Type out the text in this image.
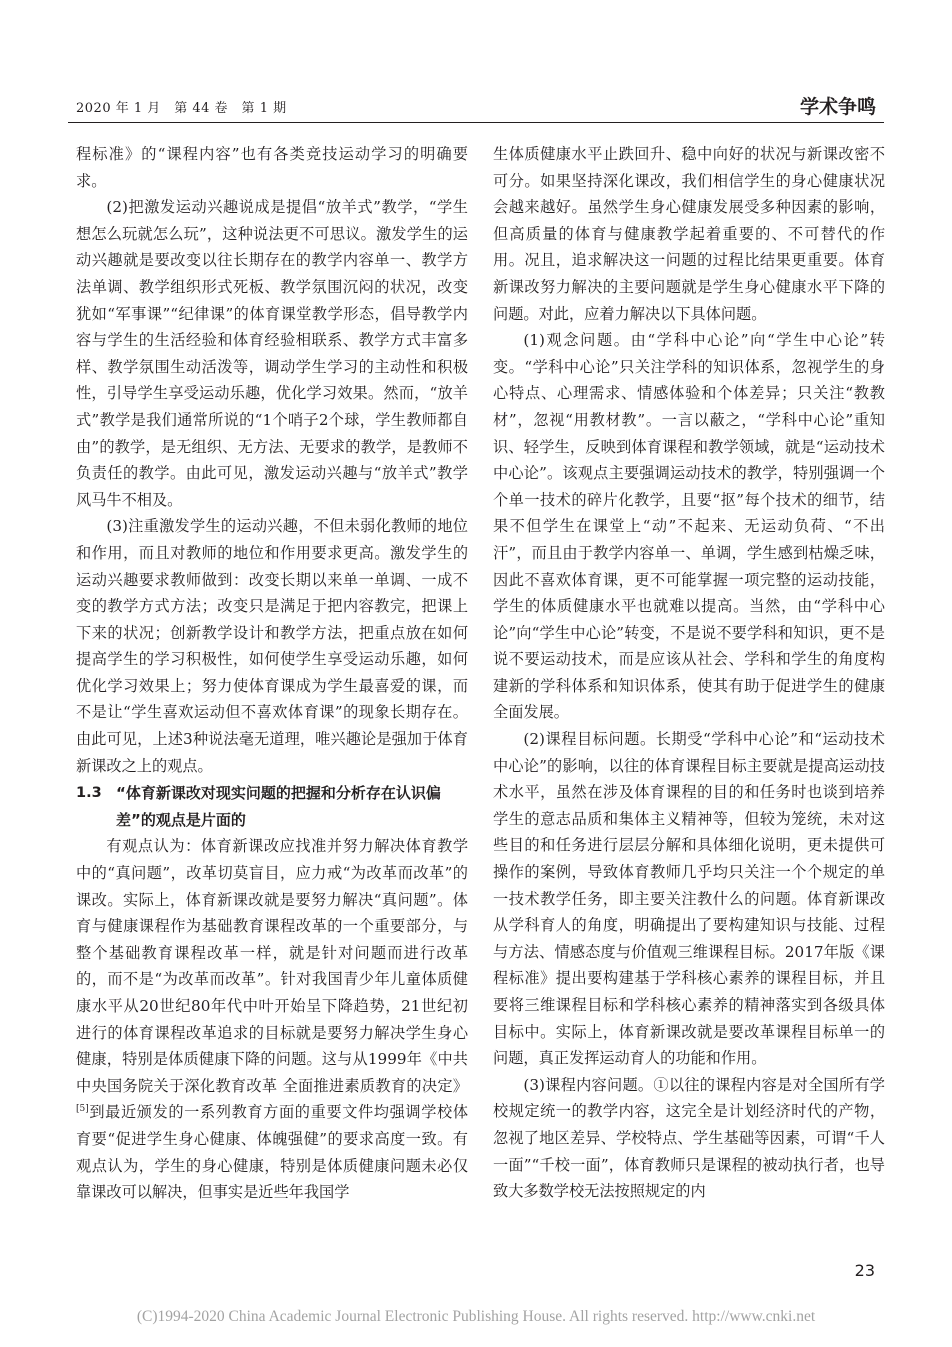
2020 年 1 月　第 44 卷　第 1 期	学术争鸣

程标准》的“课程内容”也有各类竞技运动学习的明确要求。

(2)把激发运动兴趣说成是提倡“放羊式”教学，“学生想怎么玩就怎么玩”，这种说法更不可思议。激发学生的运动兴趣就是要改变以往长期存在的教学内容单一、教学方法单调、教学组织形式死板、教学氛围沉闷的状况，改变犹如“军事课”“纪律课”的体育课堂教学形态，倡导教学内容与学生的生活经验和体育经验相联系、教学方式丰富多样、教学氛围生动活泼等，调动学生学习的主动性和积极性，引导学生享受运动乐趣，优化学习效果。然而，“放羊式”教学是我们通常所说的“1个哨子2个球，学生教师都自由”的教学，是无组织、无方法、无要求的教学，是教师不负责任的教学。由此可见，激发运动兴趣与“放羊式”教学风马牛不相及。

(3)注重激发学生的运动兴趣，不但未弱化教师的地位和作用，而且对教师的地位和作用要求更高。激发学生的运动兴趣要求教师做到：改变长期以来单一单调、一成不变的教学方式方法；改变只是满足于把内容教完，把课上下来的状况；创新教学设计和教学方法，把重点放在如何提高学生的学习积极性，如何使学生享受运动乐趣，如何优化学习效果上；努力使体育课成为学生最喜爱的课，而不是让“学生喜欢运动但不喜欢体育课”的现象长期存在。由此可见，上述3种说法毫无道理，唯兴趣论是强加于体育新课改之上的观点。

1.3 “体育新课改对现实问题的把握和分析存在认识偏差”的观点是片面的

有观点认为：体育新课改应找准并努力解决体育教学中的“真问题”，改革切莫盲目，应力戒“为改革而改革”的课改。实际上，体育新课改就是要努力解决“真问题”。体育与健康课程作为基础教育课程改革的一个重要部分，与整个基础教育课程改革一样，就是针对问题而进行改革的，而不是“为改革而改革”。针对我国青少年儿童体质健康水平从20世纪80年代中叶开始呈下降趋势，21世纪初进行的体育课程改革追求的目标就是要努力解决学生身心健康，特别是体质健康下降的问题。这与从1999年《中共中央国务院关于深化教育改革 全面推进素质教育的决定》[5]到最近颁发的一系列教育方面的重要文件均强调学校体育要“促进学生身心健康、体魄强健”的要求高度一致。有观点认为，学生的身心健康，特别是体质健康问题未必仅靠课改可以解决，但事实是近些年我国学

生体质健康水平止跌回升、稳中向好的状况与新课改密不可分。如果坚持深化课改，我们相信学生的身心健康状况会越来越好。虽然学生身心健康发展受多种因素的影响，但高质量的体育与健康教学起着重要的、不可替代的作用。况且，追求解决这一问题的过程比结果更重要。体育新课改努力解决的主要问题就是学生身心健康水平下降的问题。对此，应着力解决以下具体问题。

(1)观念问题。由“学科中心论”向“学生中心论”转变。“学科中心论”只关注学科的知识体系，忽视学生的身心特点、心理需求、情感体验和个体差异；只关注“教教材”，忽视“用教材教”。一言以蔽之，“学科中心论”重知识、轻学生，反映到体育课程和教学领域，就是“运动技术中心论”。该观点主要强调运动技术的教学，特别强调一个个单一技术的碎片化教学，且要“抠”每个技术的细节，结果不但学生在课堂上“动”不起来、无运动负荷、“不出汗”，而且由于教学内容单一、单调，学生感到枯燥乏味，因此不喜欢体育课，更不可能掌握一项完整的运动技能，学生的体质健康水平也就难以提高。当然，由“学科中心论”向“学生中心论”转变，不是说不要学科和知识，更不是说不要运动技术，而是应该从社会、学科和学生的角度构建新的学科体系和知识体系，使其有助于促进学生的健康全面发展。

(2)课程目标问题。长期受“学科中心论”和“运动技术中心论”的影响，以往的体育课程目标主要就是提高运动技术水平，虽然在涉及体育课程的目的和任务时也谈到培养学生的意志品质和集体主义精神等，但较为笼统，未对这些目的和任务进行层层分解和具体细化说明，更未提供可操作的案例，导致体育教师几乎均只关注一个个规定的单一技术教学任务，即主要关注教什么的问题。体育新课改从学科育人的角度，明确提出了要构建知识与技能、过程与方法、情感态度与价值观三维课程目标。2017年版《课程标准》提出要构建基于学科核心素养的课程目标，并且要将三维课程目标和学科核心素养的精神落实到各级具体目标中。实际上，体育新课改就是要改革课程目标单一的问题，真正发挥运动育人的功能和作用。

(3)课程内容问题。①以往的课程内容是对全国所有学校规定统一的教学内容，这完全是计划经济时代的产物，忽视了地区差异、学校特点、学生基础等因素，可谓“千人一面”“千校一面”，体育教师只是课程的被动执行者，也导致大多数学校无法按照规定的内

23
(C)1994-2020 China Academic Journal Electronic Publishing House. All rights reserved. http://www.cnki.net
